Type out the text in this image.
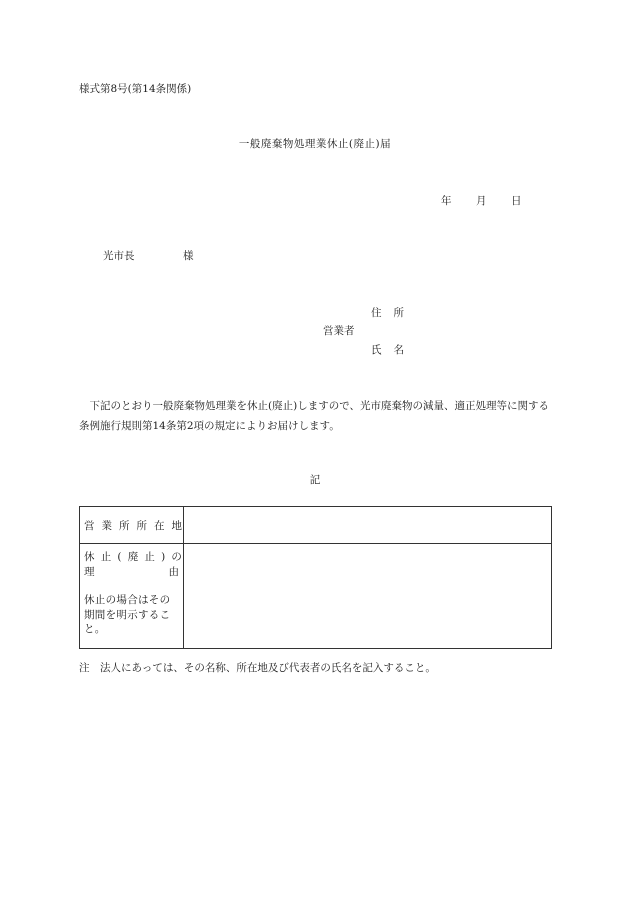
様式第8号(第14条関係)
一般廃棄物処理業休止(廃止)届
年 月 日
光市長	様
住所
営業者
氏名
　下記のとおり一般廃棄物処理業を休止(廃止)しますので、光市廃棄物の減量、適正処理等に関する条例施行規則第14条第2項の規定によりお届けします。
記
営業所所在地	

休止(廃止)の
理 由
休止の場合はその期間を明示すること。	

注　法人にあっては、その名称、所在地及び代表者の氏名を記入すること。
